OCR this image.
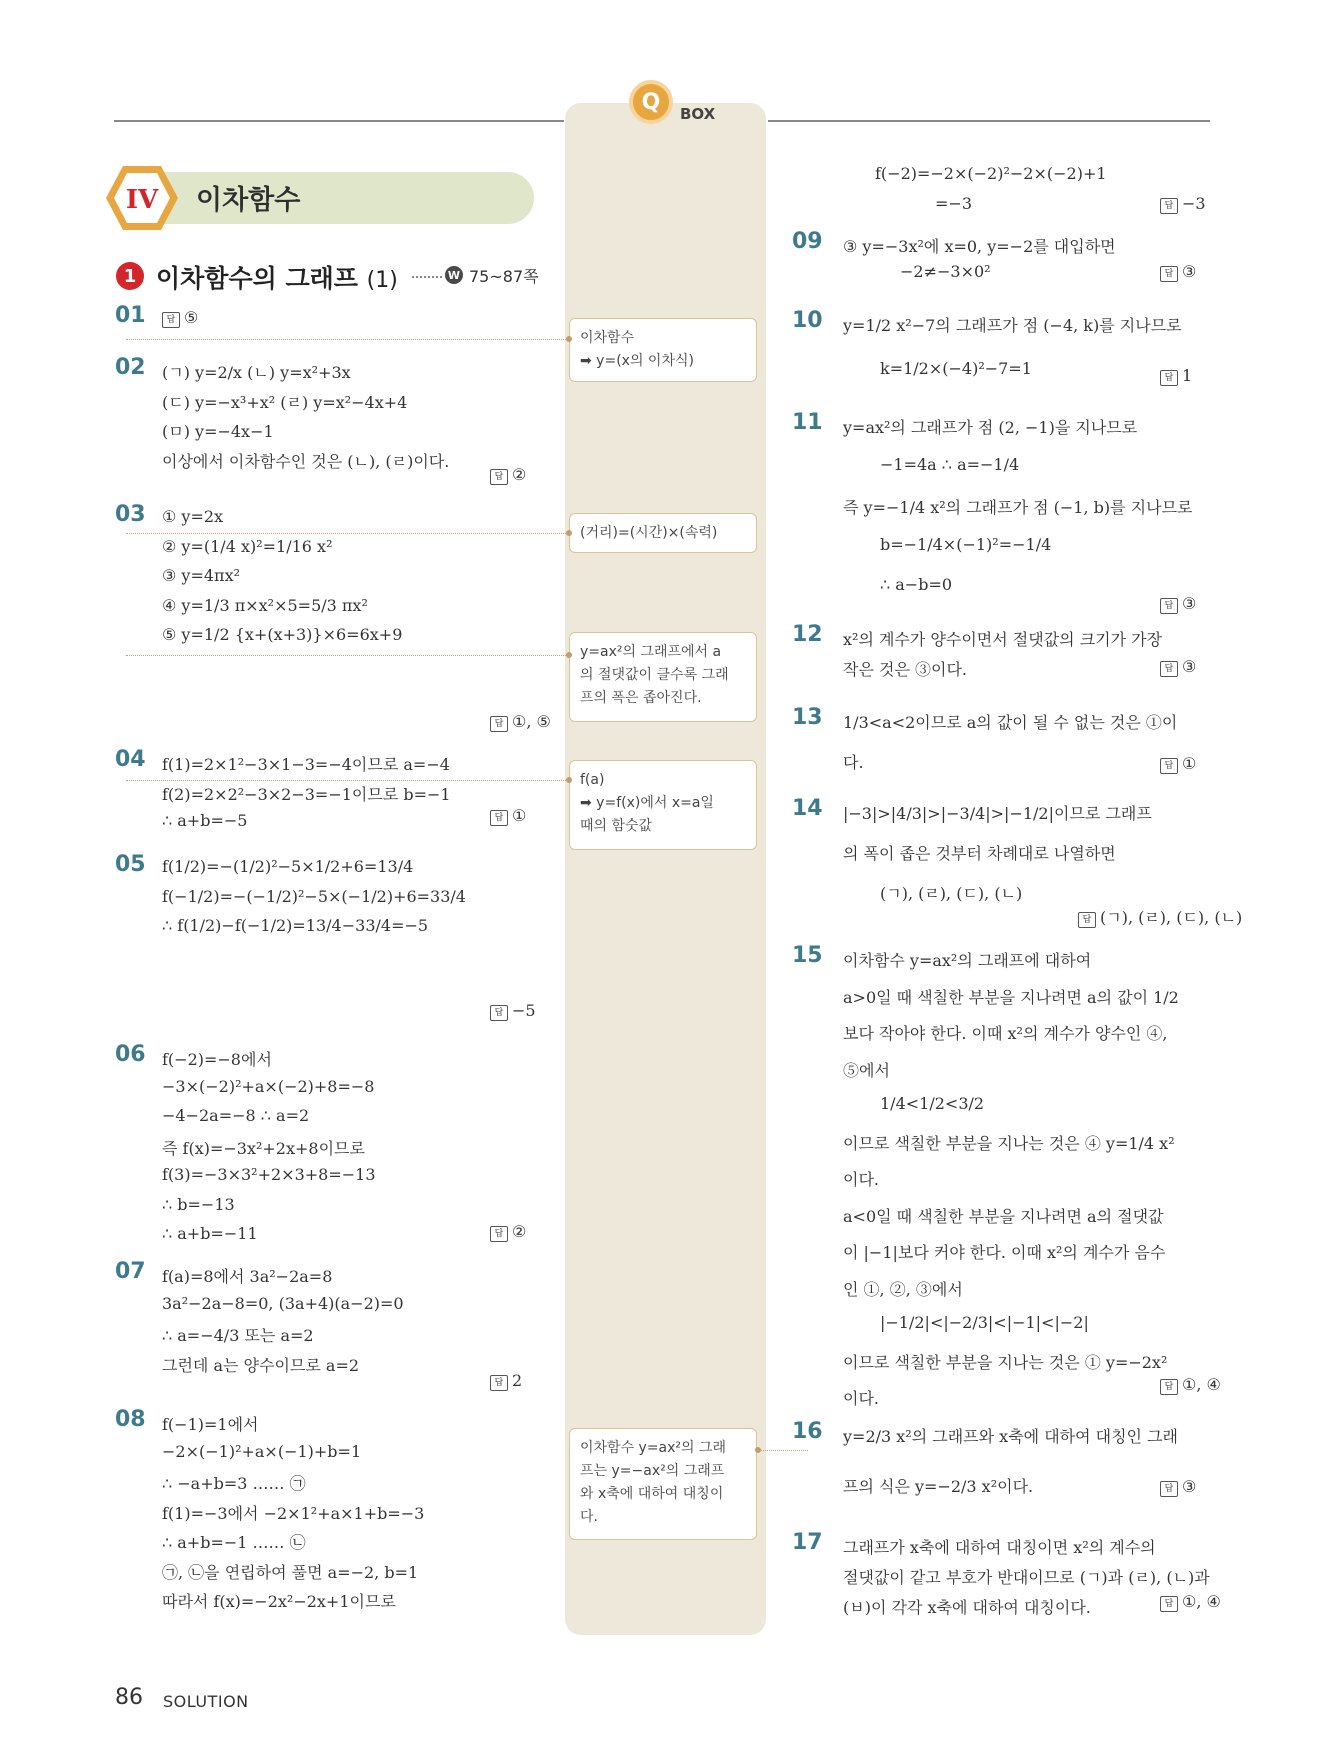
Q	BOX
IV 이차함수
1 이차함수의 그래프 (1)	W 75~87쪽
01	답 ⑤
02 (ㄱ) y=2/x (ㄴ) y=x²+3x
(ㄷ) y=−x³+x² (ㄹ) y=x²−4x+4
(ㅁ) y=−4x−1
이상에서 이차함수인 것은 (ㄴ), (ㄹ)이다.
답 ②
03 ① y=2x
② y=(1/4 x)²=1/16 x²
③ y=4πx²
④ y=1/3 π×x²×5=5/3 πx²
⑤ y=1/2 {x+(x+3)}×6=6x+9
답 ①, ⑤
04 f(1)=2×1²−3×1−3=−4이므로 a=−4
f(2)=2×2²−3×2−3=−1이므로 b=−1
∴ a+b=−5	답 ①
05 f(1/2)=−(1/2)²−5×1/2+6=13/4
f(−1/2)=−(−1/2)²−5×(−1/2)+6=33/4
∴ f(1/2)−f(−1/2)=13/4−33/4=−5
답 −5
06 f(−2)=−8에서
−3×(−2)²+a×(−2)+8=−8
−4−2a=−8 ∴ a=2
즉 f(x)=−3x²+2x+8이므로
f(3)=−3×3²+2×3+8=−13
∴ b=−13
∴ a+b=−11	답 ②
07 f(a)=8에서 3a²−2a=8
3a²−2a−8=0, (3a+4)(a−2)=0
∴ a=−4/3 또는 a=2
그런데 a는 양수이므로 a=2
답 2
08 f(−1)=1에서
−2×(−1)²+a×(−1)+b=1
∴ −a+b=3 …… ㉠
f(1)=−3에서 −2×1²+a×1+b=−3
∴ a+b=−1 …… ㉡
㉠, ㉡을 연립하여 풀면 a=−2, b=1
따라서 f(x)=−2x²−2x+1이므로
이차함수
➡ y=(x의 이차식)
(거리)=(시간)×(속력)
y=ax²의 그래프에서 a
의 절댓값이 클수록 그래
프의 폭은 좁아진다.
f(a)
➡ y=f(x)에서 x=a일
때의 함숫값
이차함수 y=ax²의 그래
프는 y=−ax²의 그래프
와 x축에 대하여 대칭이
다.
f(−2)=−2×(−2)²−2×(−2)+1
=−3	답 −3
09 ③ y=−3x²에 x=0, y=−2를 대입하면
−2≠−3×0²	답 ③
10 y=1/2 x²−7의 그래프가 점 (−4, k)를 지나므로
k=1/2×(−4)²−7=1	답 1
11 y=ax²의 그래프가 점 (2, −1)을 지나므로
−1=4a ∴ a=−1/4
즉 y=−1/4 x²의 그래프가 점 (−1, b)를 지나므로
b=−1/4×(−1)²=−1/4
∴ a−b=0
답 ③
12 x²의 계수가 양수이면서 절댓값의 크기가 가장
작은 것은 ③이다.	답 ③
13 1/3<a<2이므로 a의 값이 될 수 없는 것은 ①이
다.	답 ①
14 |−3|>|4/3|>|−3/4|>|−1/2|이므로 그래프
의 폭이 좁은 것부터 차례대로 나열하면
(ㄱ), (ㄹ), (ㄷ), (ㄴ)
답 (ㄱ), (ㄹ), (ㄷ), (ㄴ)
15 이차함수 y=ax²의 그래프에 대하여
a>0일 때 색칠한 부분을 지나려면 a의 값이 1/2
보다 작아야 한다. 이때 x²의 계수가 양수인 ④,
⑤에서
1/4<1/2<3/2
이므로 색칠한 부분을 지나는 것은 ④ y=1/4 x²
이다.
a<0일 때 색칠한 부분을 지나려면 a의 절댓값
이 |−1|보다 커야 한다. 이때 x²의 계수가 음수
인 ①, ②, ③에서
|−1/2|<|−2/3|<|−1|<|−2|
이므로 색칠한 부분을 지나는 것은 ① y=−2x²
이다.
답 ①, ④
16 y=2/3 x²의 그래프와 x축에 대하여 대칭인 그래
프의 식은 y=−2/3 x²이다.	답 ③
17 그래프가 x축에 대하여 대칭이면 x²의 계수의
절댓값이 같고 부호가 반대이므로 (ㄱ)과 (ㄹ), (ㄴ)과
(ㅂ)이 각각 x축에 대하여 대칭이다.	답 ①, ④
86 SOLUTION
